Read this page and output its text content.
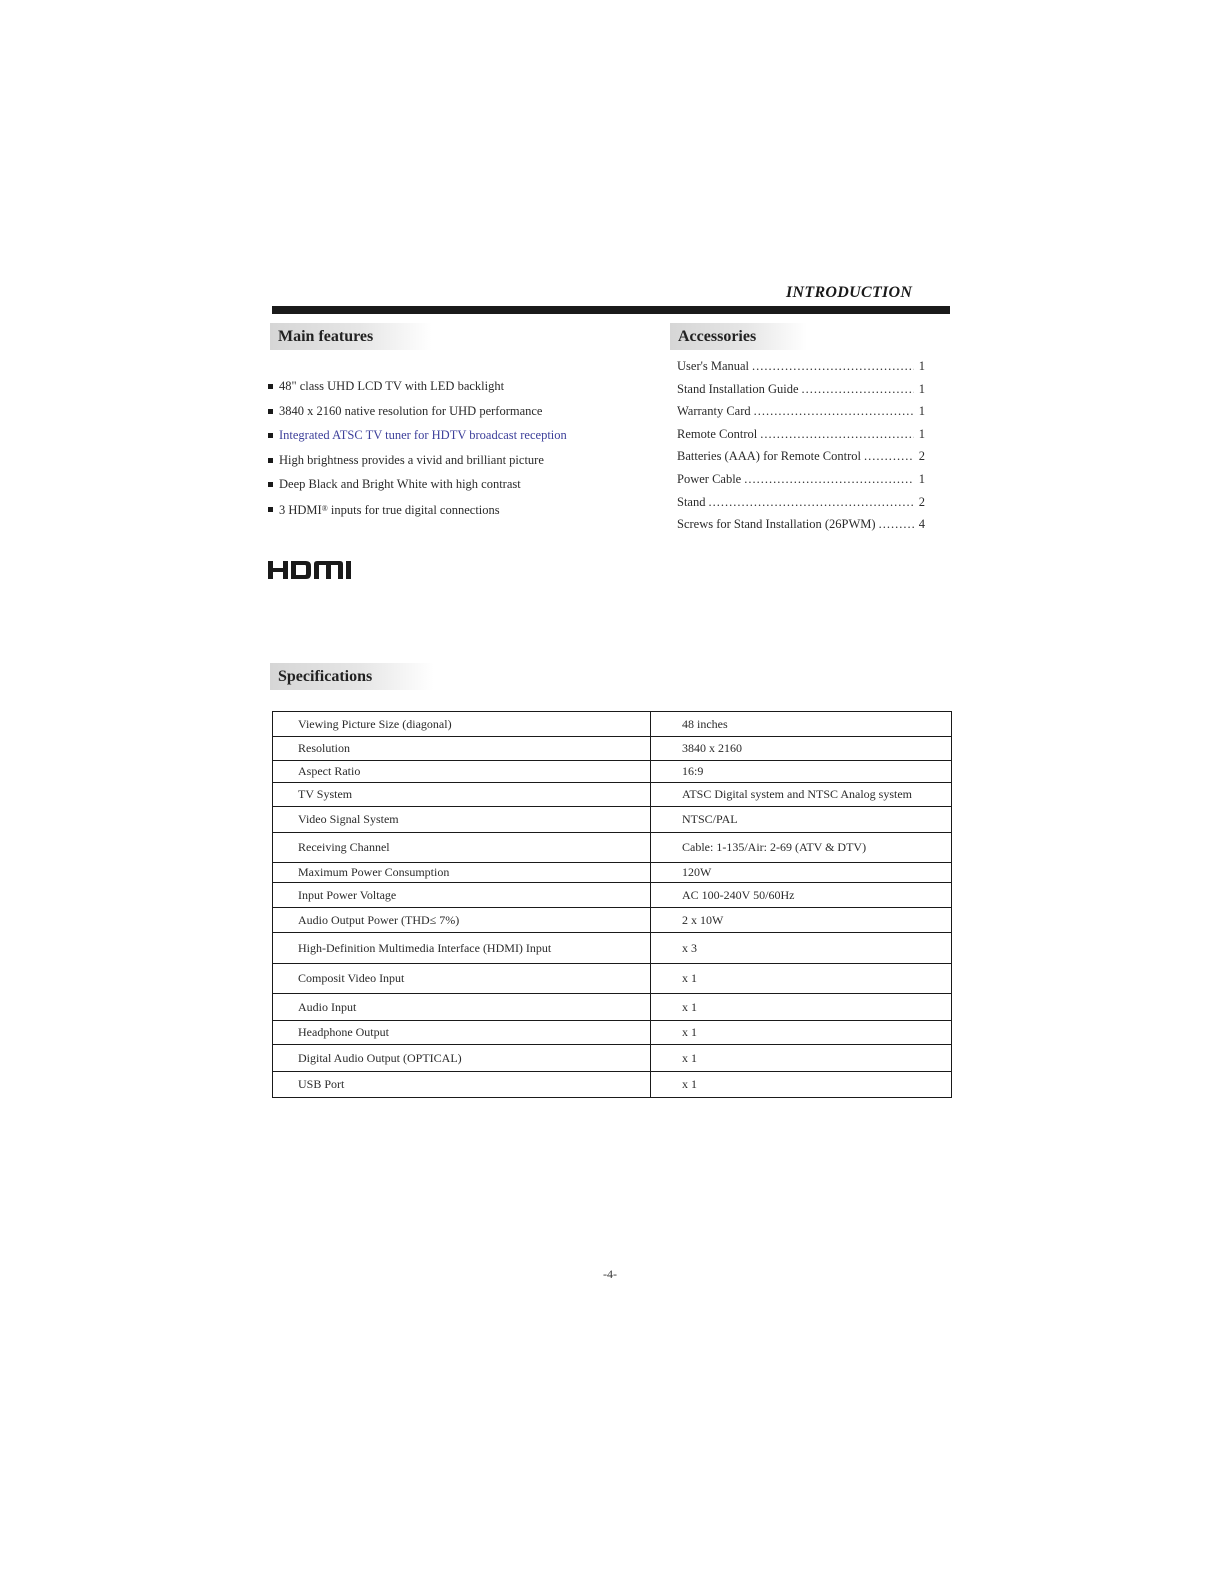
INTRODUCTION
Main features
48" class UHD LCD TV with LED backlight
3840 x 2160 native resolution for UHD performance
Integrated ATSC TV tuner for HDTV broadcast reception
High brightness provides a vivid and brilliant picture
Deep Black and Bright White with high contrast
3 HDMI® inputs for true digital connections
Accessories
User's Manual .....	1
Stand Installation Guide .....	1
Warranty Card .....	1
Remote Control .....	1
Batteries (AAA) for Remote Control .....	2
Power Cable .....	1
Stand .....	2
Screws for Stand Installation (26PWM) .....	4
Specifications
Viewing Picture Size (diagonal)	48 inches
Resolution	3840 x 2160
Aspect Ratio	16:9
TV System	ATSC Digital system and NTSC Analog system
Video Signal System	NTSC/PAL
Receiving Channel	Cable: 1-135/Air: 2-69 (ATV & DTV)
Maximum Power Consumption	120W
Input Power Voltage	AC 100-240V 50/60Hz
Audio Output Power (THD≤ 7%)	2 x 10W
High-Definition Multimedia Interface (HDMI) Input	x 3
Composit Video Input	x 1
Audio Input	x 1
Headphone Output	x 1
Digital Audio Output (OPTICAL)	x 1
USB Port	x 1
-4-
